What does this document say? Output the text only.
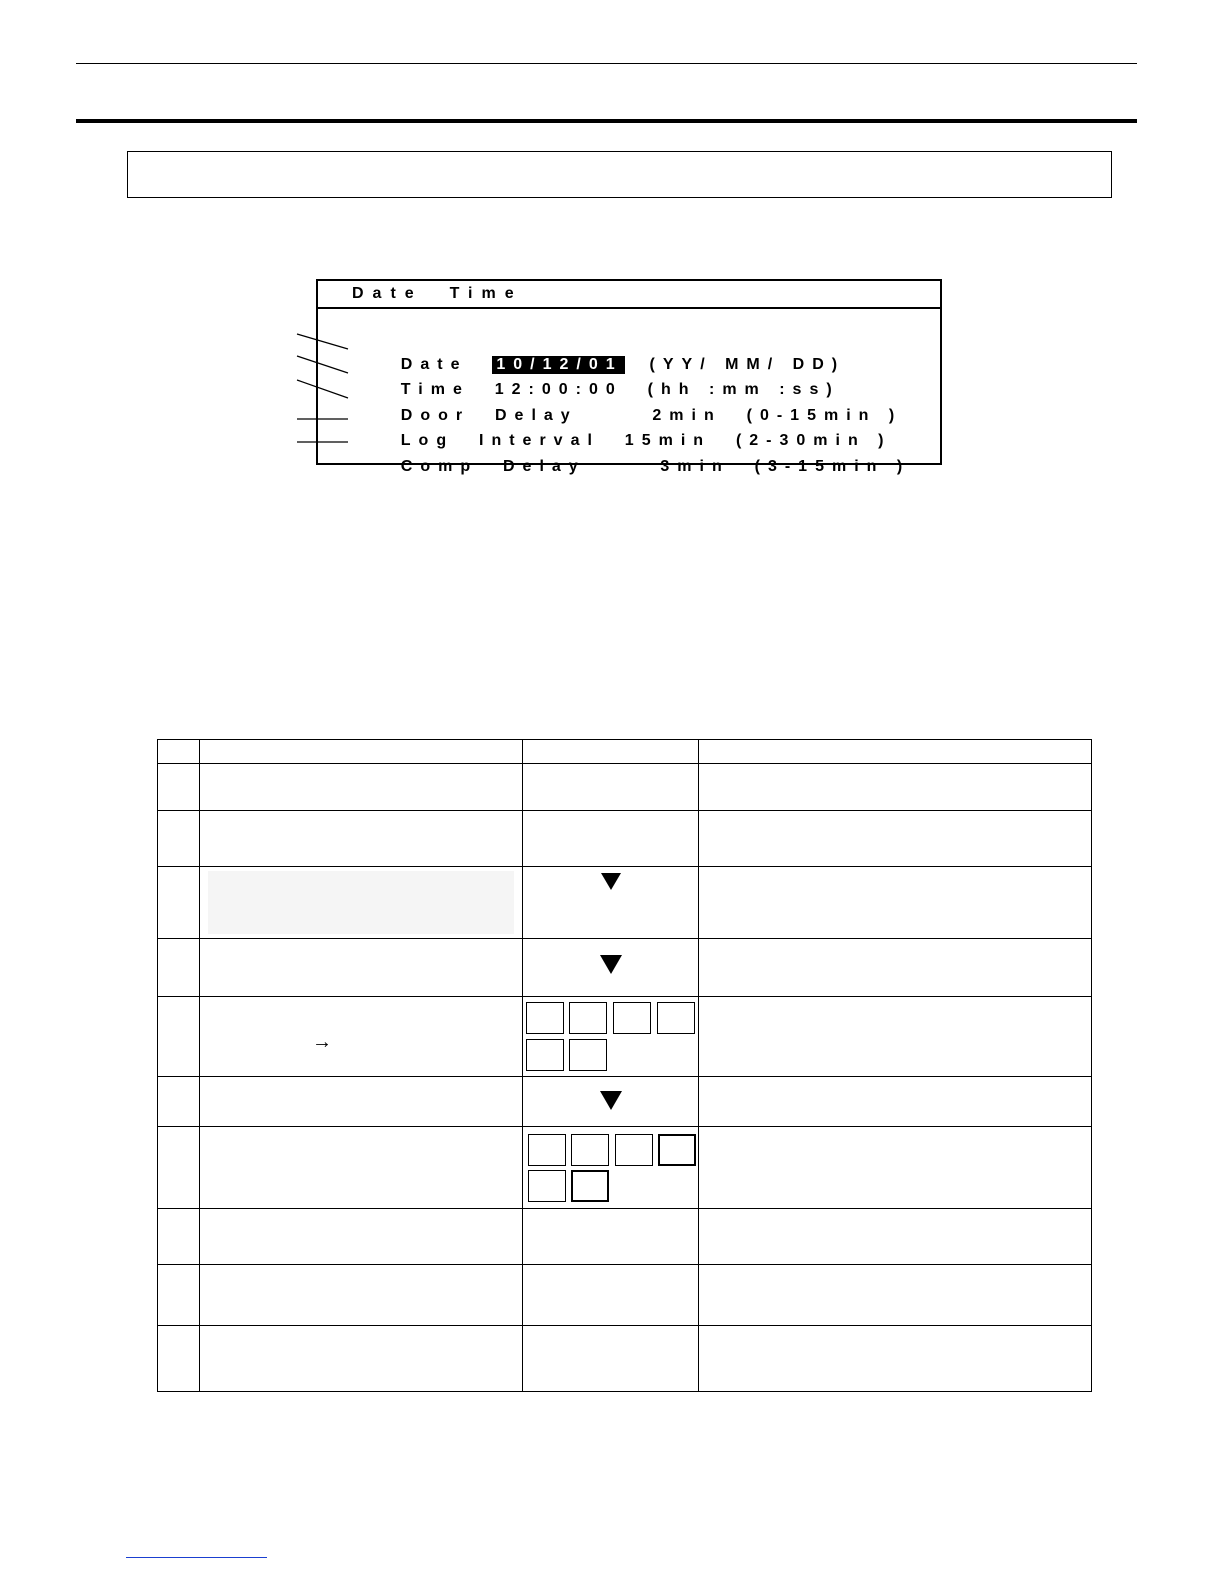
Date  Time

Date  10/12/01  (YY/ MM/ DD)

Time  12:00:00  (hh :mm :ss)

Door  Delay      2min  (0-15min )

Log  Interval  15min  (2-30min )

Comp  Delay      3min  (3-15min )

	→		
